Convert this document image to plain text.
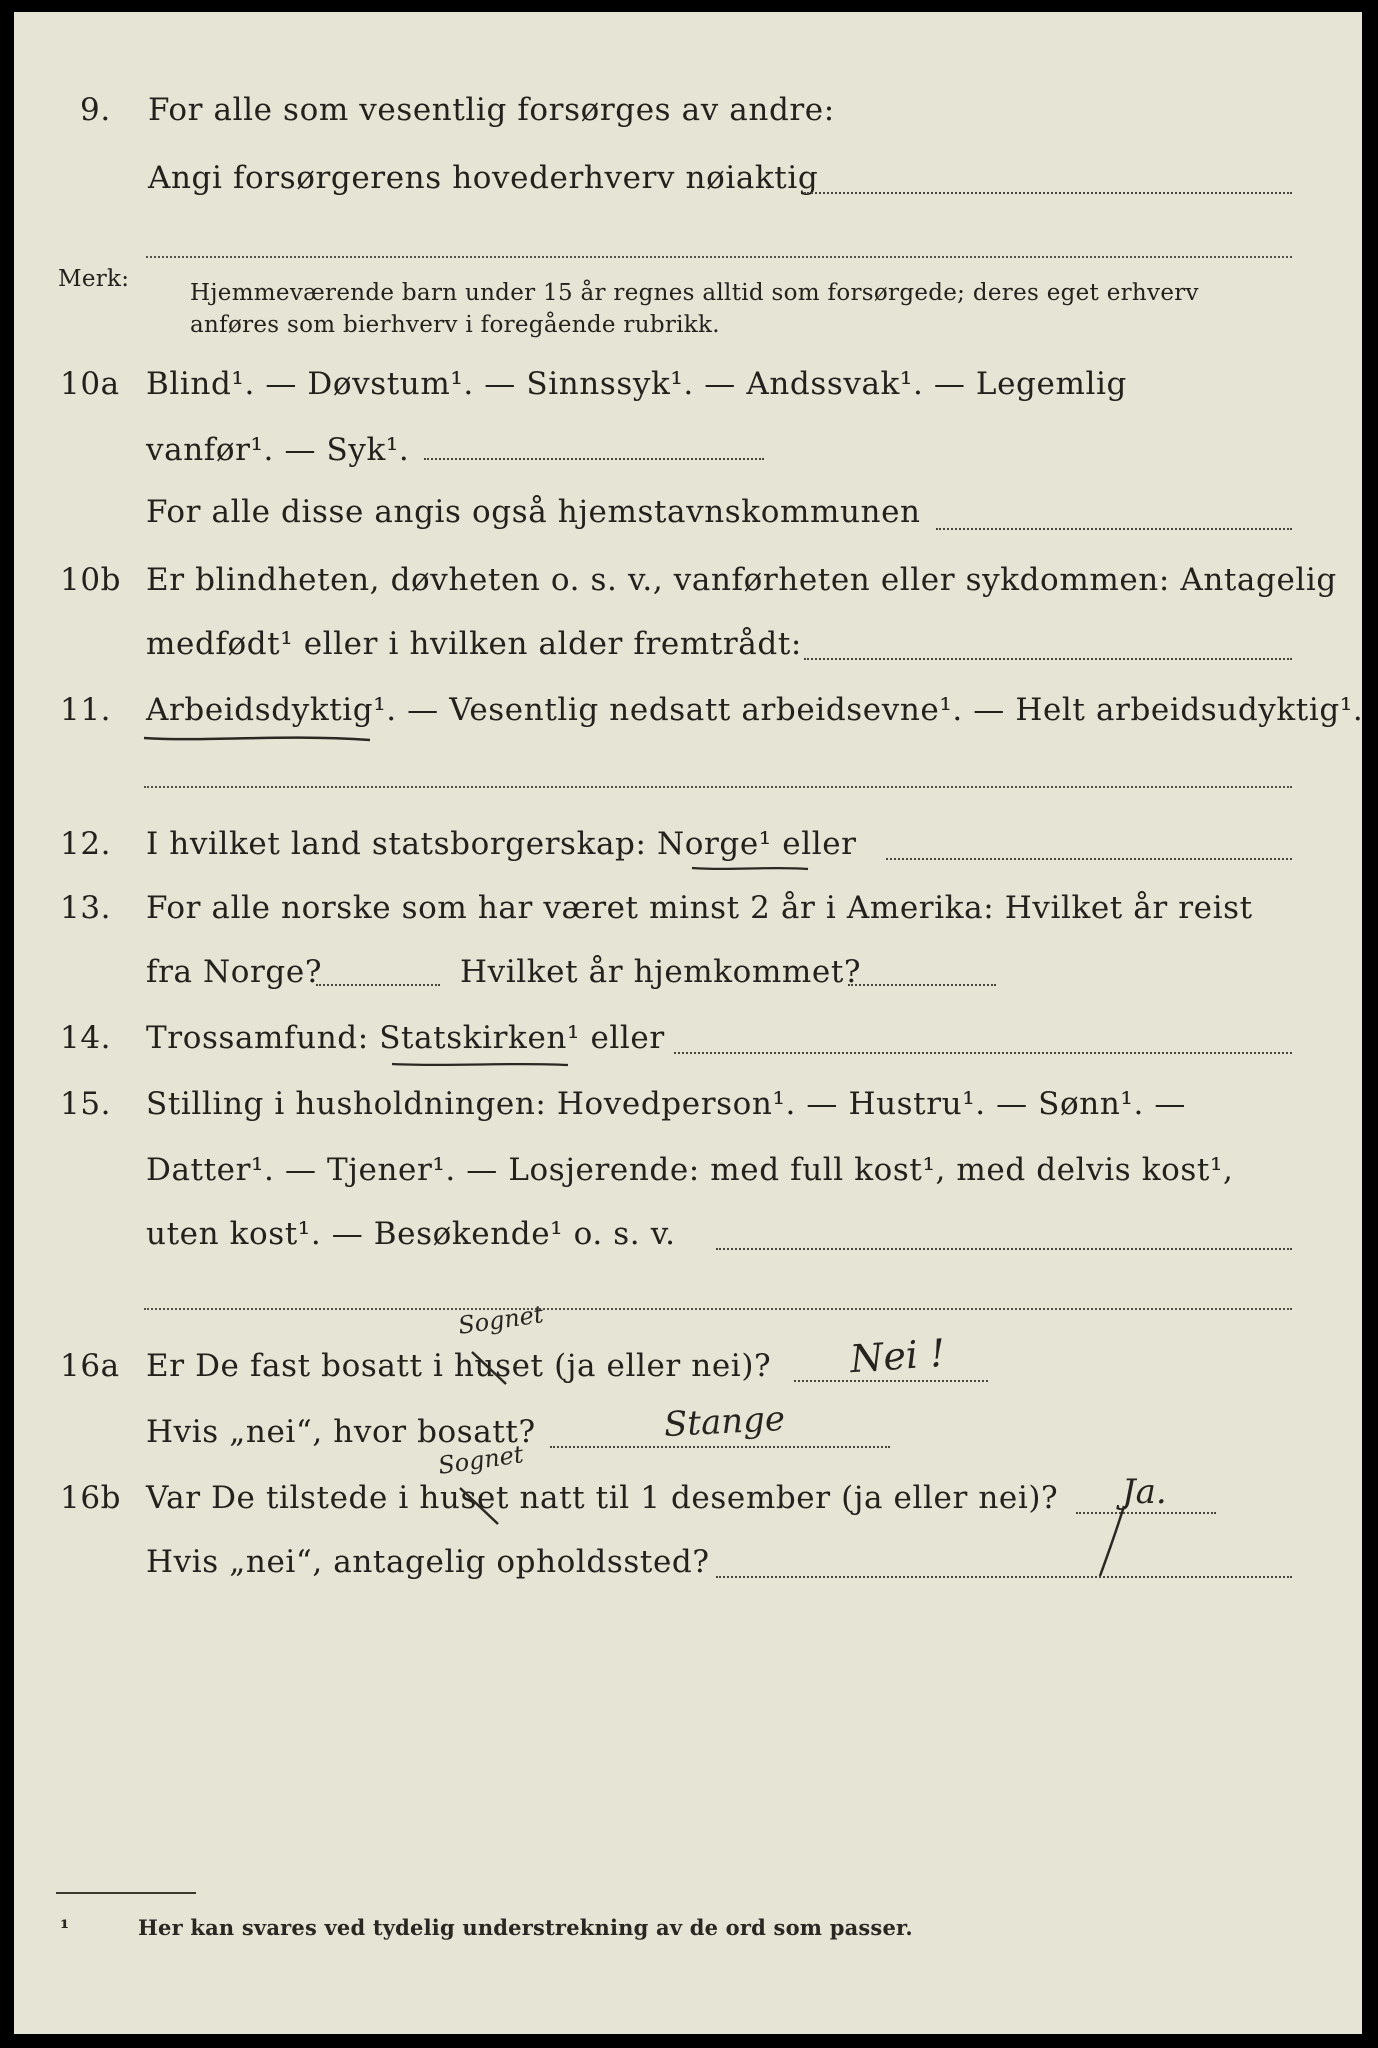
9. For alle som vesentlig forsørges av andre:
Angi forsørgerens hovederhverv nøiaktig
Merk:
Hjemmeværende barn under 15 år regnes alltid som forsørgede; deres eget erhverv
anføres som bierhverv i foregående rubrikk.
10a Blind¹. — Døvstum¹. — Sinnssyk¹. — Andssvak¹. — Legemlig
vanfør¹. — Syk¹.
For alle disse angis også hjemstavnskommunen
10b Er blindheten, døvheten o. s. v., vanførheten eller sykdommen: Antagelig
medfødt¹ eller i hvilken alder fremtrådt:
11. Arbeidsdyktig¹. — Vesentlig nedsatt arbeidsevne¹. — Helt arbeidsudyktig¹.
12. I hvilket land statsborgerskap: Norge¹ eller
13. For alle norske som har været minst 2 år i Amerika: Hvilket år reist
fra Norge?	Hvilket år hjemkommet?
14. Trossamfund: Statskirken¹ eller
15. Stilling i husholdningen: Hovedperson¹. — Hustru¹. — Sønn¹. —
Datter¹. — Tjener¹. — Losjerende: med full kost¹, med delvis kost¹,
uten kost¹. — Besøkende¹ o. s. v.
16a Er De fast bosatt i huset (ja eller nei)?
Sognet
Nei !
Hvis „nei“, hvor bosatt?	Stange
16b Var De tilstede i huset natt til 1 desember (ja eller nei)?
Sognet
Ja.
Hvis „nei“, antagelig opholdssted?
¹	Her kan svares ved tydelig understrekning av de ord som passer.
